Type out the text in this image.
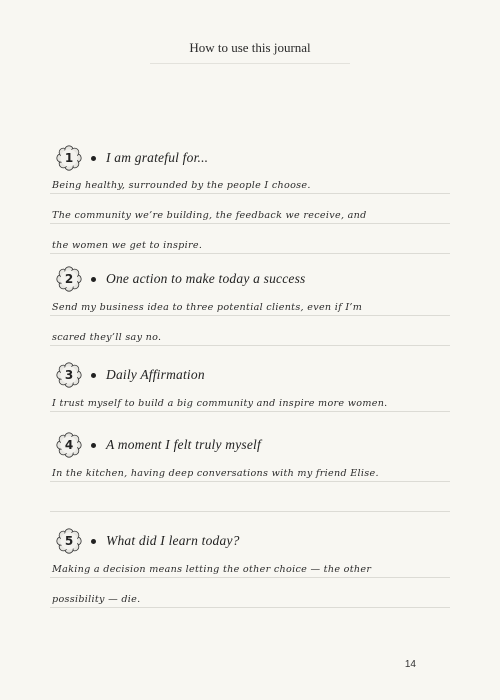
How to use this journal
1	I am grateful for...
Being healthy, surrounded by the people I choose.
The community we’re building, the feedback we receive, and
the women we get to inspire.
2	One action to make today a success
Send my business idea to three potential clients, even if I’m
scared they’ll say no.
3	Daily Affirmation
I trust myself to build a big community and inspire more women.
4	A moment I felt truly myself
In the kitchen, having deep conversations with my friend Elise.
5	What did I learn today?
Making a decision means letting the other choice — the other
possibility — die.
14
